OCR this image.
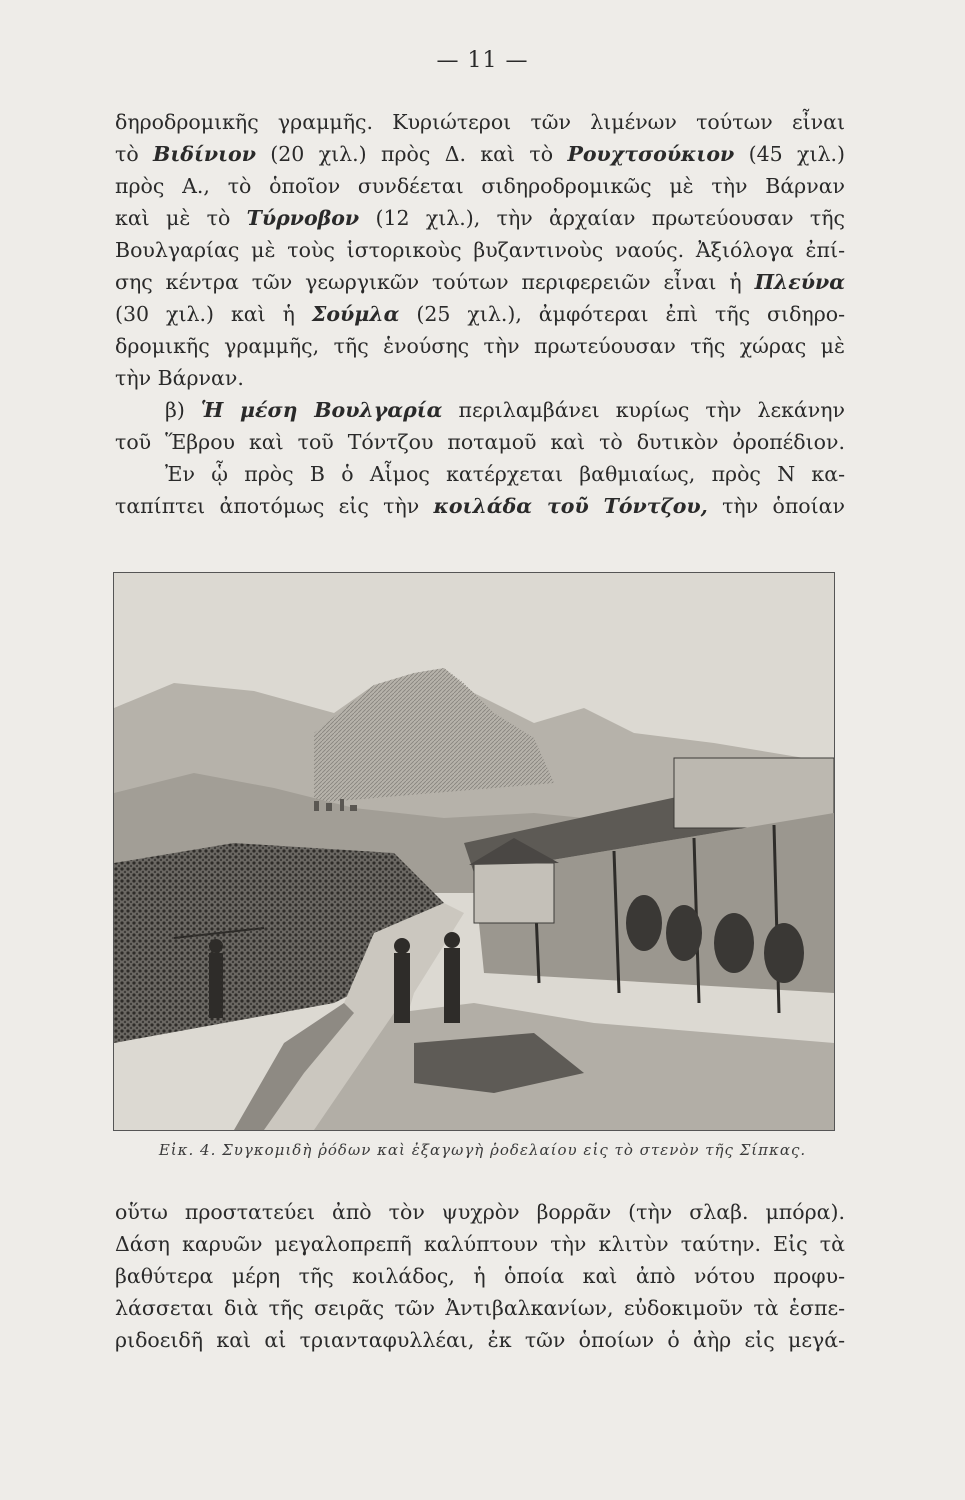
— 11 —
δηροδρομικῆς γραμμῆς. Κυριώτεροι τῶν λιμένων τούτων εἶναι
τὸ Βιδίνιον (20 χιλ.) πρὸς Δ. καὶ τὸ Ρουχτσούκιον (45 χιλ.)
πρὸς Α., τὸ ὁποῖον συνδέεται σιδηροδρομικῶς μὲ τὴν Βάρναν
καὶ μὲ τὸ Τύρνοβον (12 χιλ.), τὴν ἀρχαίαν πρωτεύουσαν τῆς
Βουλγαρίας μὲ τοὺς ἱστορικοὺς βυζαντινοὺς ναούς. Ἀξιόλογα ἐπί-
σης κέντρα τῶν γεωργικῶν τούτων περιφερειῶν εἶναι ἡ Πλεύνα
(30 χιλ.) καὶ ἡ Σούμλα (25 χιλ.), ἀμφότεραι ἐπὶ τῆς σιδηρο-
δρομικῆς γραμμῆς, τῆς ἑνούσης τὴν πρωτεύουσαν τῆς χώρας μὲ
τὴν Βάρναν.
β) Ἡ μέση Βουλγαρία περιλαμβάνει κυρίως τὴν λεκάνην
τοῦ Ἕβρου καὶ τοῦ Τόντζου ποταμοῦ καὶ τὸ δυτικὸν ὀροπέδιον.
Ἐν ᾧ πρὸς Β ὁ Αἷμος κατέρχεται βαθμιαίως, πρὸς Ν κα-
ταπίπτει ἀποτόμως εἰς τὴν κοιλάδα τοῦ Τόντζου, τὴν ὁποίαν
Εἰκ. 4. Συγκομιδὴ ῥόδων καὶ ἐξαγωγὴ ῥοδελαίου εἰς τὸ στενὸν τῆς Σίπκας.
οὕτω προστατεύει ἀπὸ τὸν ψυχρὸν βορρᾶν (τὴν σλαβ. μπόρα).
Δάση καρυῶν μεγαλοπρεπῆ καλύπτουν τὴν κλιτὺν ταύτην. Εἰς τὰ
βαθύτερα μέρη τῆς κοιλάδος, ἡ ὁποία καὶ ἀπὸ νότου προφυ-
λάσσεται διὰ τῆς σειρᾶς τῶν Ἀντιβαλκανίων, εὐδοκιμοῦν τὰ ἑσπε-
ριδοειδῆ καὶ αἱ τριανταφυλλέαι, ἐκ τῶν ὁποίων ὁ ἀὴρ εἰς μεγά-
